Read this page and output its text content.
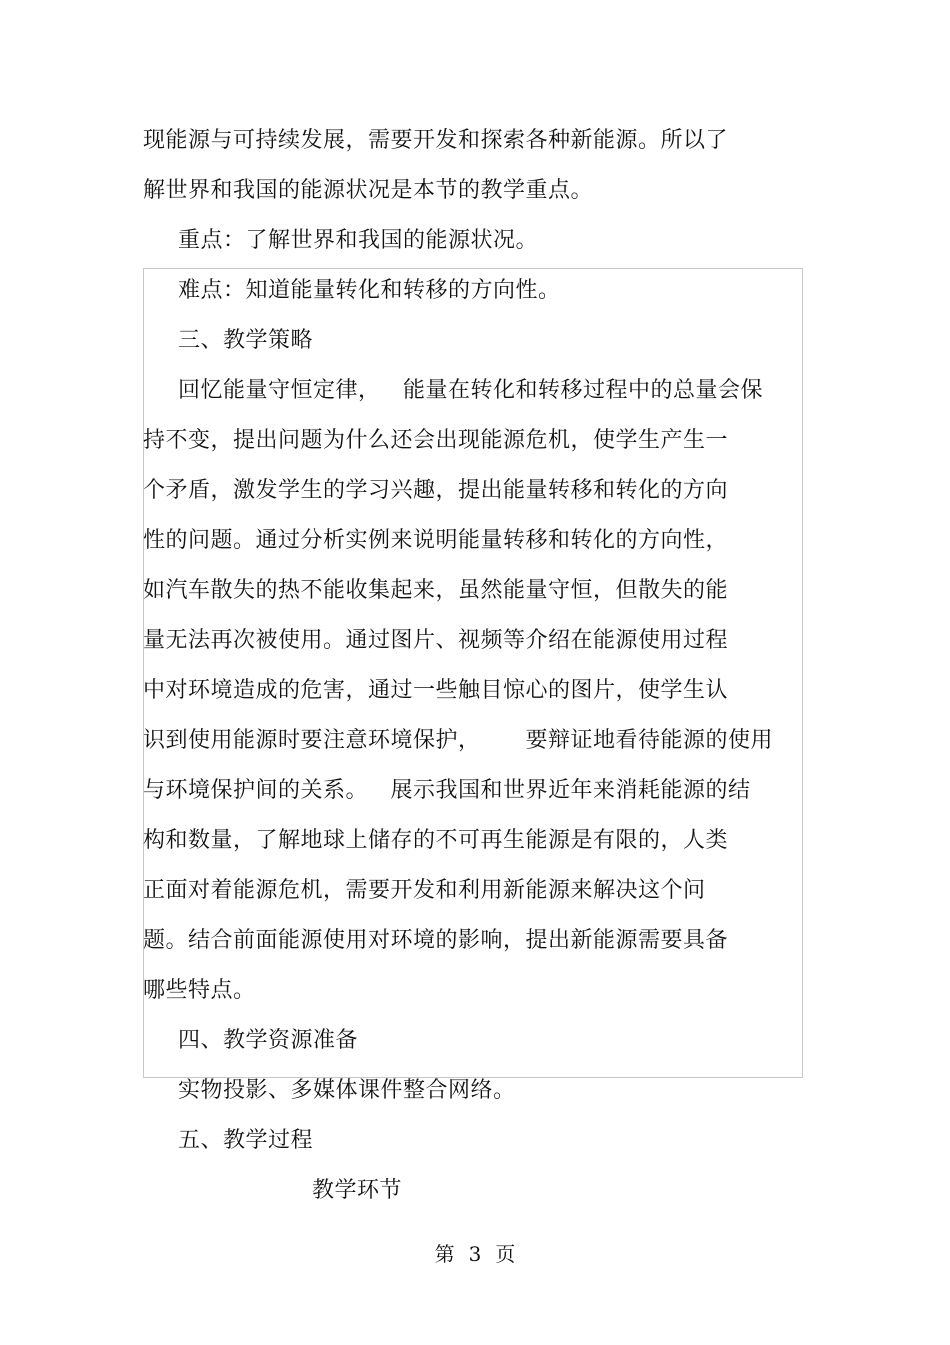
现能源与可持续发展，需要开发和探索各种新能源。所以了
解世界和我国的能源状况是本节的教学重点。
重点：了解世界和我国的能源状况。
难点：知道能量转化和转移的方向性。
三、教学策略
回忆能量守恒定律，   能量在转化和转移过程中的总量会保
持不变，提出问题为什么还会出现能源危机，使学生产生一
个矛盾，激发学生的学习兴趣，提出能量转移和转化的方向
性的问题。通过分析实例来说明能量转移和转化的方向性，
如汽车散失的热不能收集起来，虽然能量守恒，但散失的能
量无法再次被使用。通过图片、视频等介绍在能源使用过程
中对环境造成的危害，通过一些触目惊心的图片，使学生认
识到使用能源时要注意环境保护，      要辩证地看待能源的使用
与环境保护间的关系。   展示我国和世界近年来消耗能源的结
构和数量，了解地球上储存的不可再生能源是有限的，人类
正面对着能源危机，需要开发和利用新能源来解决这个问
题。结合前面能源使用对环境的影响，提出新能源需要具备
哪些特点。
四、教学资源准备
实物投影、多媒体课件整合网络。
五、教学过程
教学环节
第 3 页
